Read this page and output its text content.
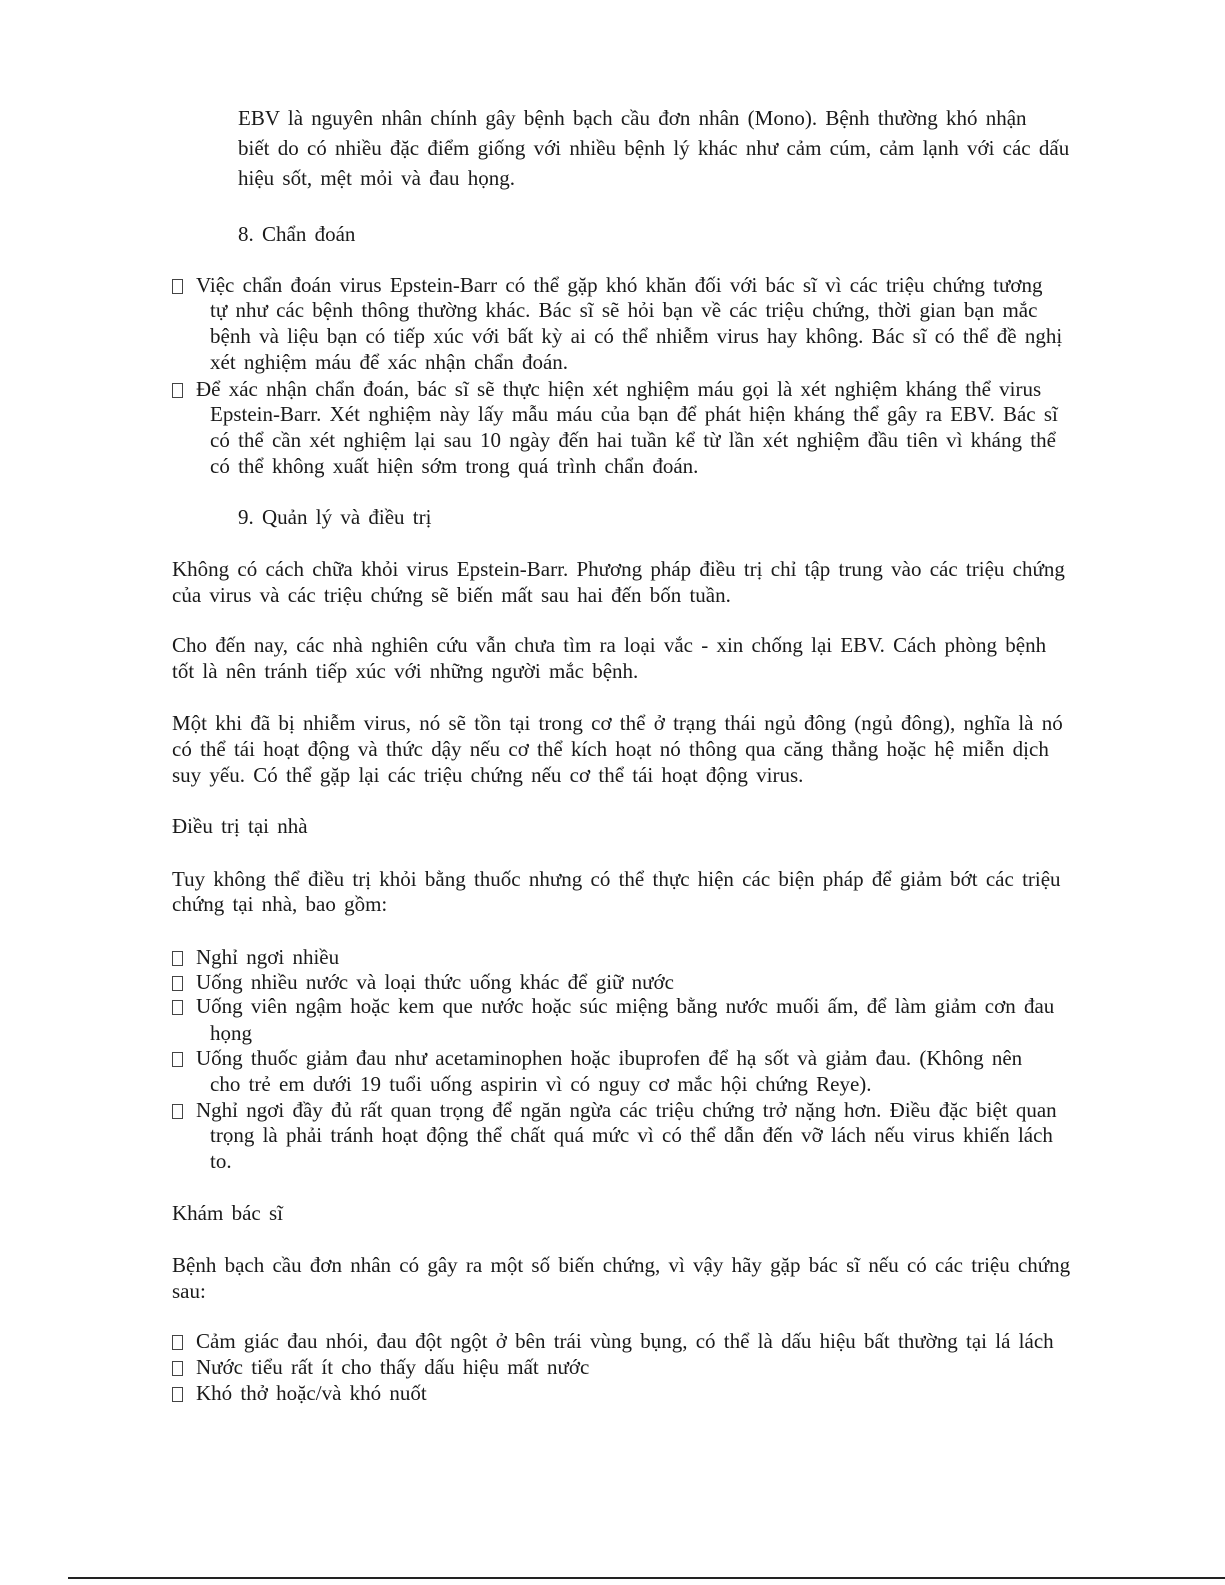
EBV là nguyên nhân chính gây bệnh bạch cầu đơn nhân (Mono). Bệnh thường khó nhận
biết do có nhiều đặc điểm giống với nhiều bệnh lý khác như cảm cúm, cảm lạnh với các dấu
hiệu sốt, mệt mỏi và đau họng.
8. Chẩn đoán
Việc chẩn đoán virus Epstein-Barr có thể gặp khó khăn đối với bác sĩ vì các triệu chứng tương
tự như các bệnh thông thường khác. Bác sĩ sẽ hỏi bạn về các triệu chứng, thời gian bạn mắc
bệnh và liệu bạn có tiếp xúc với bất kỳ ai có thể nhiễm virus hay không. Bác sĩ có thể đề nghị
xét nghiệm máu để xác nhận chẩn đoán.
Để xác nhận chẩn đoán, bác sĩ sẽ thực hiện xét nghiệm máu gọi là xét nghiệm kháng thể virus
Epstein-Barr. Xét nghiệm này lấy mẫu máu của bạn để phát hiện kháng thể gây ra EBV. Bác sĩ
có thể cần xét nghiệm lại sau 10 ngày đến hai tuần kể từ lần xét nghiệm đầu tiên vì kháng thể
có thể không xuất hiện sớm trong quá trình chẩn đoán.
9. Quản lý và điều trị
Không có cách chữa khỏi virus Epstein-Barr. Phương pháp điều trị chỉ tập trung vào các triệu chứng
của virus và các triệu chứng sẽ biến mất sau hai đến bốn tuần.
Cho đến nay, các nhà nghiên cứu vẫn chưa tìm ra loại vắc - xin chống lại EBV. Cách phòng bệnh
tốt là nên tránh tiếp xúc với những người mắc bệnh.
Một khi đã bị nhiễm virus, nó sẽ tồn tại trong cơ thể ở trạng thái ngủ đông (ngủ đông), nghĩa là nó
có thể tái hoạt động và thức dậy nếu cơ thể kích hoạt nó thông qua căng thẳng hoặc hệ miễn dịch
suy yếu. Có thể gặp lại các triệu chứng nếu cơ thể tái hoạt động virus.
Điều trị tại nhà
Tuy không thể điều trị khỏi bằng thuốc nhưng có thể thực hiện các biện pháp để giảm bớt các triệu
chứng tại nhà, bao gồm:
Nghỉ ngơi nhiều
Uống nhiều nước và loại thức uống khác để giữ nước
Uống viên ngậm hoặc kem que nước hoặc súc miệng bằng nước muối ấm, để làm giảm cơn đau
họng
Uống thuốc giảm đau như acetaminophen hoặc ibuprofen để hạ sốt và giảm đau. (Không nên
cho trẻ em dưới 19 tuổi uống aspirin vì có nguy cơ mắc hội chứng Reye).
Nghỉ ngơi đầy đủ rất quan trọng để ngăn ngừa các triệu chứng trở nặng hơn. Điều đặc biệt quan
trọng là phải tránh hoạt động thể chất quá mức vì có thể dẫn đến vỡ lách nếu virus khiến lách
to.
Khám bác sĩ
Bệnh bạch cầu đơn nhân có gây ra một số biến chứng, vì vậy hãy gặp bác sĩ nếu có các triệu chứng
sau:
Cảm giác đau nhói, đau đột ngột ở bên trái vùng bụng, có thể là dấu hiệu bất thường tại lá lách
Nước tiểu rất ít cho thấy dấu hiệu mất nước
Khó thở hoặc/và khó nuốt
